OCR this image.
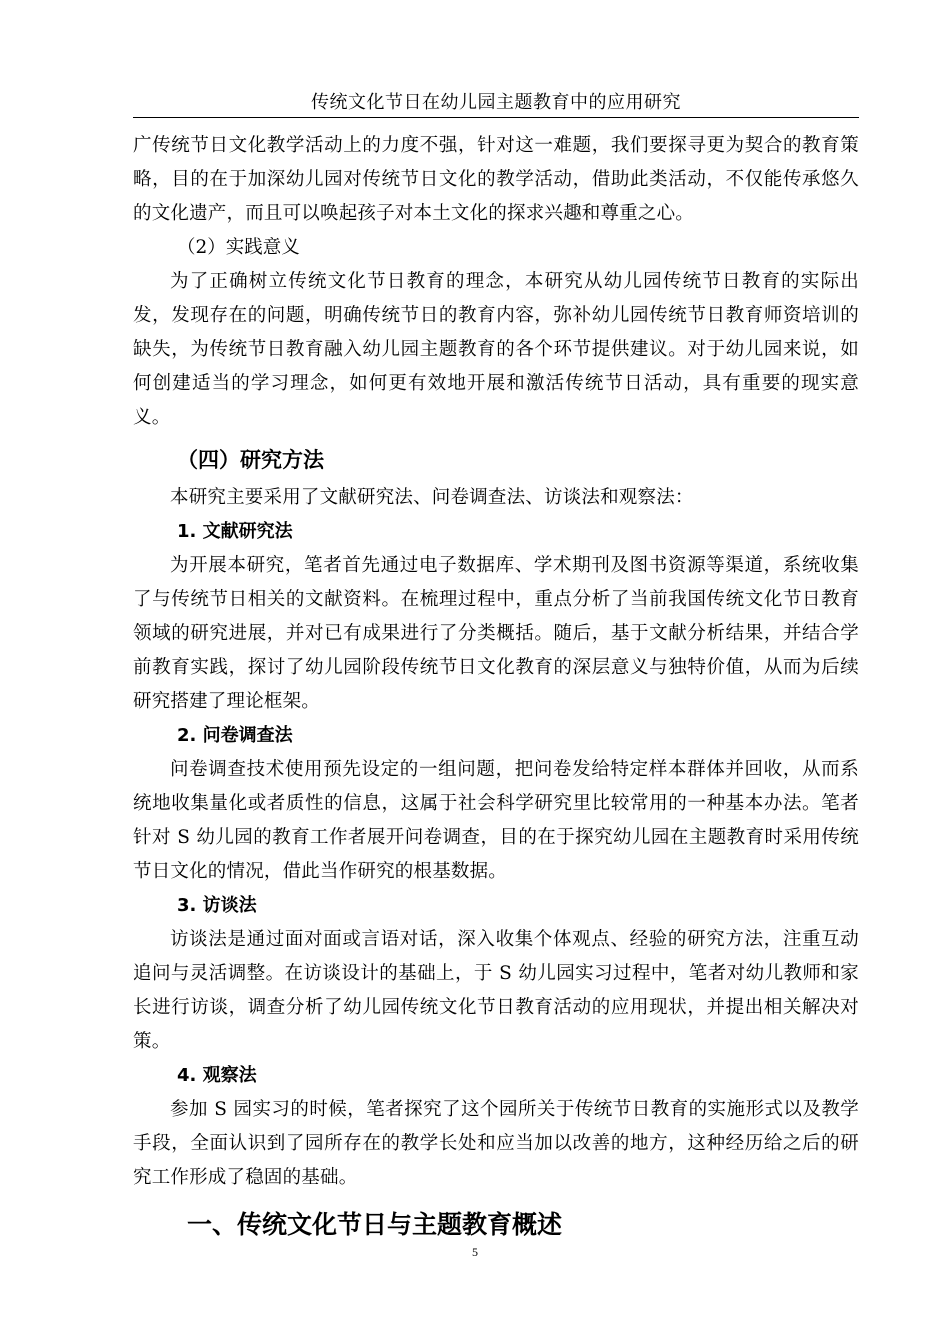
传统文化节日在幼儿园主题教育中的应用研究

广传统节日文化教学活动上的力度不强，针对这一难题，我们要探寻更为契合的教育策略，目的在于加深幼儿园对传统节日文化的教学活动，借助此类活动，不仅能传承悠久的文化遗产，而且可以唤起孩子对本土文化的探求兴趣和尊重之心。

（2）实践意义

为了正确树立传统文化节日教育的理念，本研究从幼儿园传统节日教育的实际出发，发现存在的问题，明确传统节日的教育内容，弥补幼儿园传统节日教育师资培训的缺失，为传统节日教育融入幼儿园主题教育的各个环节提供建议。对于幼儿园来说，如何创建适当的学习理念，如何更有效地开展和激活传统节日活动，具有重要的现实意义。

（四）研究方法

本研究主要采用了文献研究法、问卷调查法、访谈法和观察法：

1. 文献研究法

为开展本研究，笔者首先通过电子数据库、学术期刊及图书资源等渠道，系统收集了与传统节日相关的文献资料。在梳理过程中，重点分析了当前我国传统文化节日教育领域的研究进展，并对已有成果进行了分类概括。随后，基于文献分析结果，并结合学前教育实践，探讨了幼儿园阶段传统节日文化教育的深层意义与独特价值，从而为后续研究搭建了理论框架。

2. 问卷调查法

问卷调查技术使用预先设定的一组问题，把问卷发给特定样本群体并回收，从而系统地收集量化或者质性的信息，这属于社会科学研究里比较常用的一种基本办法。笔者针对 S 幼儿园的教育工作者展开问卷调查，目的在于探究幼儿园在主题教育时采用传统节日文化的情况，借此当作研究的根基数据。

3. 访谈法

访谈法是通过面对面或言语对话，深入收集个体观点、经验的研究方法，注重互动追问与灵活调整。在访谈设计的基础上，于 S 幼儿园实习过程中，笔者对幼儿教师和家长进行访谈，调查分析了幼儿园传统文化节日教育活动的应用现状，并提出相关解决对策。

4. 观察法

参加 S 园实习的时候，笔者探究了这个园所关于传统节日教育的实施形式以及教学手段，全面认识到了园所存在的教学长处和应当加以改善的地方，这种经历给之后的研究工作形成了稳固的基础。

一、传统文化节日与主题教育概述
5
